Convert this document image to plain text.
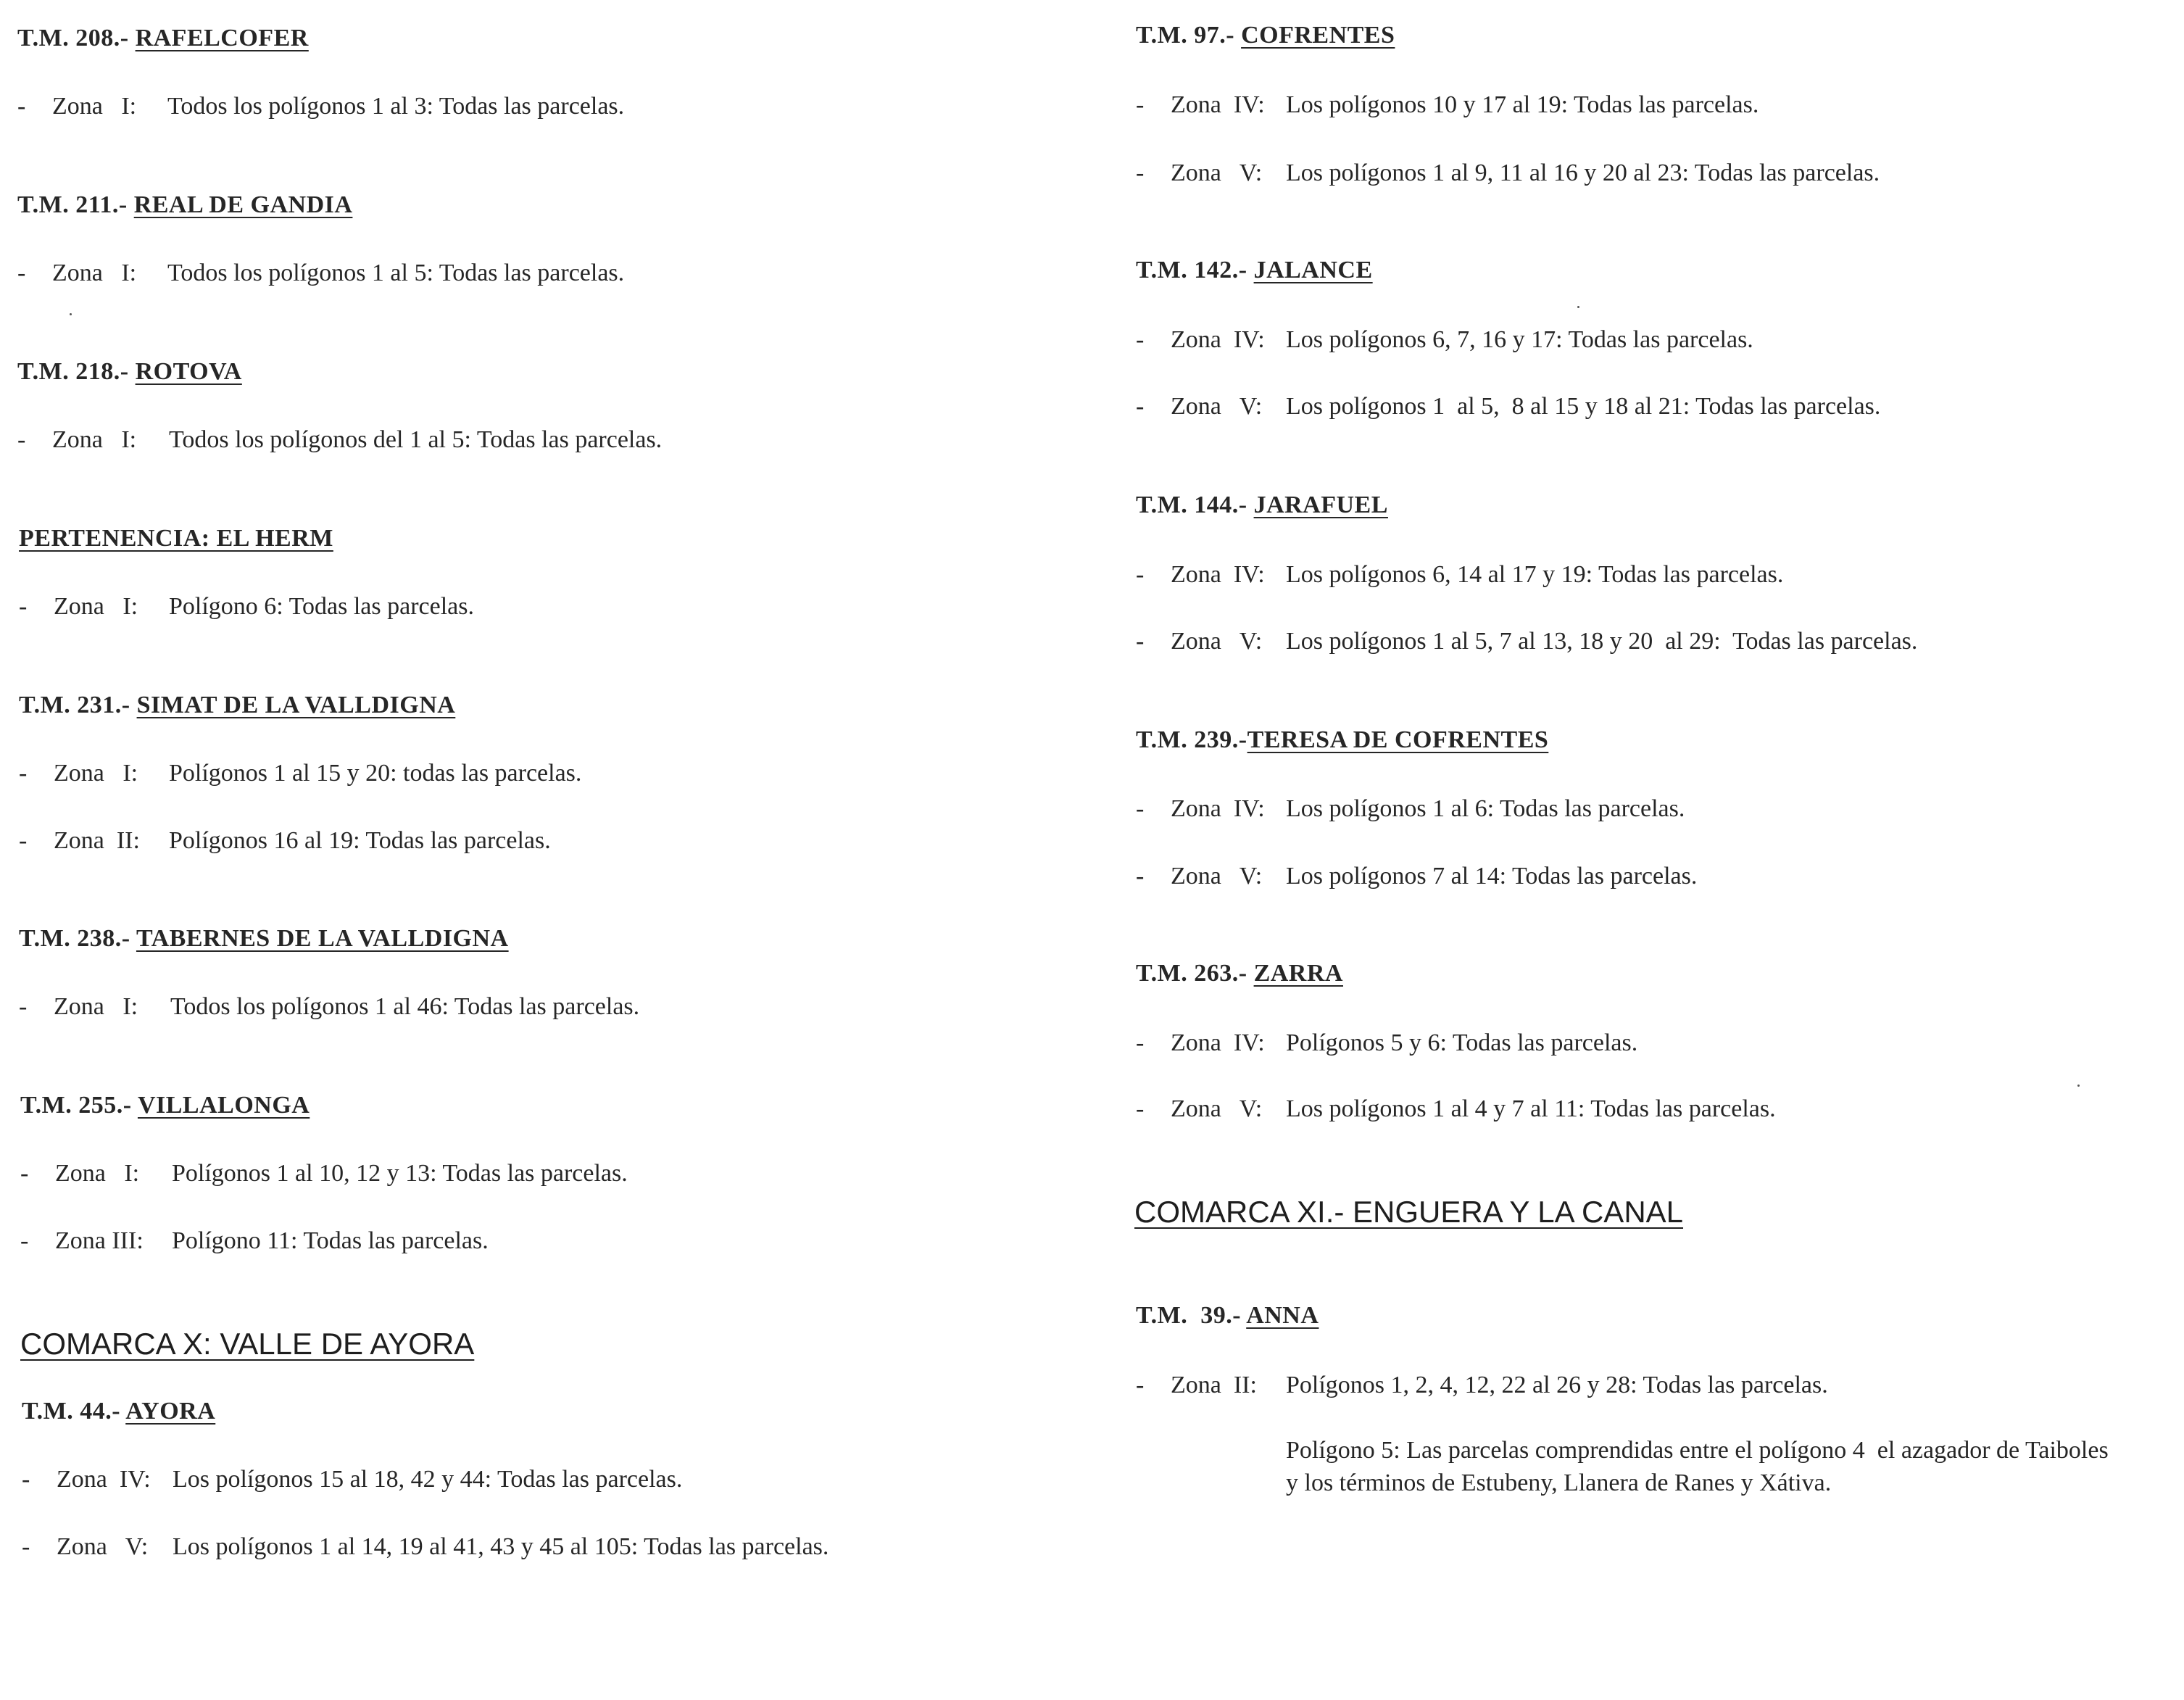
T.M. 208.- RAFELCOFER
- Zona   I: Todos los polígonos 1 al 3: Todas las parcelas.
T.M. 211.- REAL DE GANDIA
- Zona   I: Todos los polígonos 1 al 5: Todas las parcelas.
T.M. 218.- ROTOVA
- Zona   I: Todos los polígonos del 1 al 5: Todas las parcelas.
PERTENENCIA: EL HERM
- Zona   I: Polígono 6: Todas las parcelas.
T.M. 231.- SIMAT DE LA VALLDIGNA
- Zona   I: Polígonos 1 al 15 y 20: todas las parcelas.
- Zona  II: Polígonos 16 al 19: Todas las parcelas.
T.M. 238.- TABERNES DE LA VALLDIGNA
- Zona   I: Todos los polígonos 1 al 46: Todas las parcelas.
T.M. 255.- VILLALONGA
- Zona   I: Polígonos 1 al 10, 12 y 13: Todas las parcelas.
- Zona III: Polígono 11: Todas las parcelas.
COMARCA X: VALLE DE AYORA
T.M. 44.- AYORA
- Zona  IV: Los polígonos 15 al 18, 42 y 44: Todas las parcelas.
- Zona   V: Los polígonos 1 al 14, 19 al 41, 43 y 45 al 105: Todas las parcelas.
T.M. 97.- COFRENTES
- Zona  IV: Los polígonos 10 y 17 al 19: Todas las parcelas.
- Zona   V: Los polígonos 1 al 9, 11 al 16 y 20 al 23: Todas las parcelas.
T.M. 142.- JALANCE
- Zona  IV: Los polígonos 6, 7, 16 y 17: Todas las parcelas.
- Zona   V: Los polígonos 1  al 5,  8 al 15 y 18 al 21: Todas las parcelas.
T.M. 144.- JARAFUEL
- Zona  IV: Los polígonos 6, 14 al 17 y 19: Todas las parcelas.
- Zona   V: Los polígonos 1 al 5, 7 al 13, 18 y 20  al 29:  Todas las parcelas.
T.M. 239.-TERESA DE COFRENTES
- Zona  IV: Los polígonos 1 al 6: Todas las parcelas.
- Zona   V: Los polígonos 7 al 14: Todas las parcelas.
T.M. 263.- ZARRA
- Zona  IV: Polígonos 5 y 6: Todas las parcelas.
- Zona   V: Los polígonos 1 al 4 y 7 al 11: Todas las parcelas.
COMARCA XI.- ENGUERA Y LA CANAL
T.M.  39.- ANNA
- Zona  II: Polígonos 1, 2, 4, 12, 22 al 26 y 28: Todas las parcelas.
Polígono 5: Las parcelas comprendidas entre el polígono 4  el azagador de Taiboles
y los términos de Estubeny, Llanera de Ranes y Xátiva.
